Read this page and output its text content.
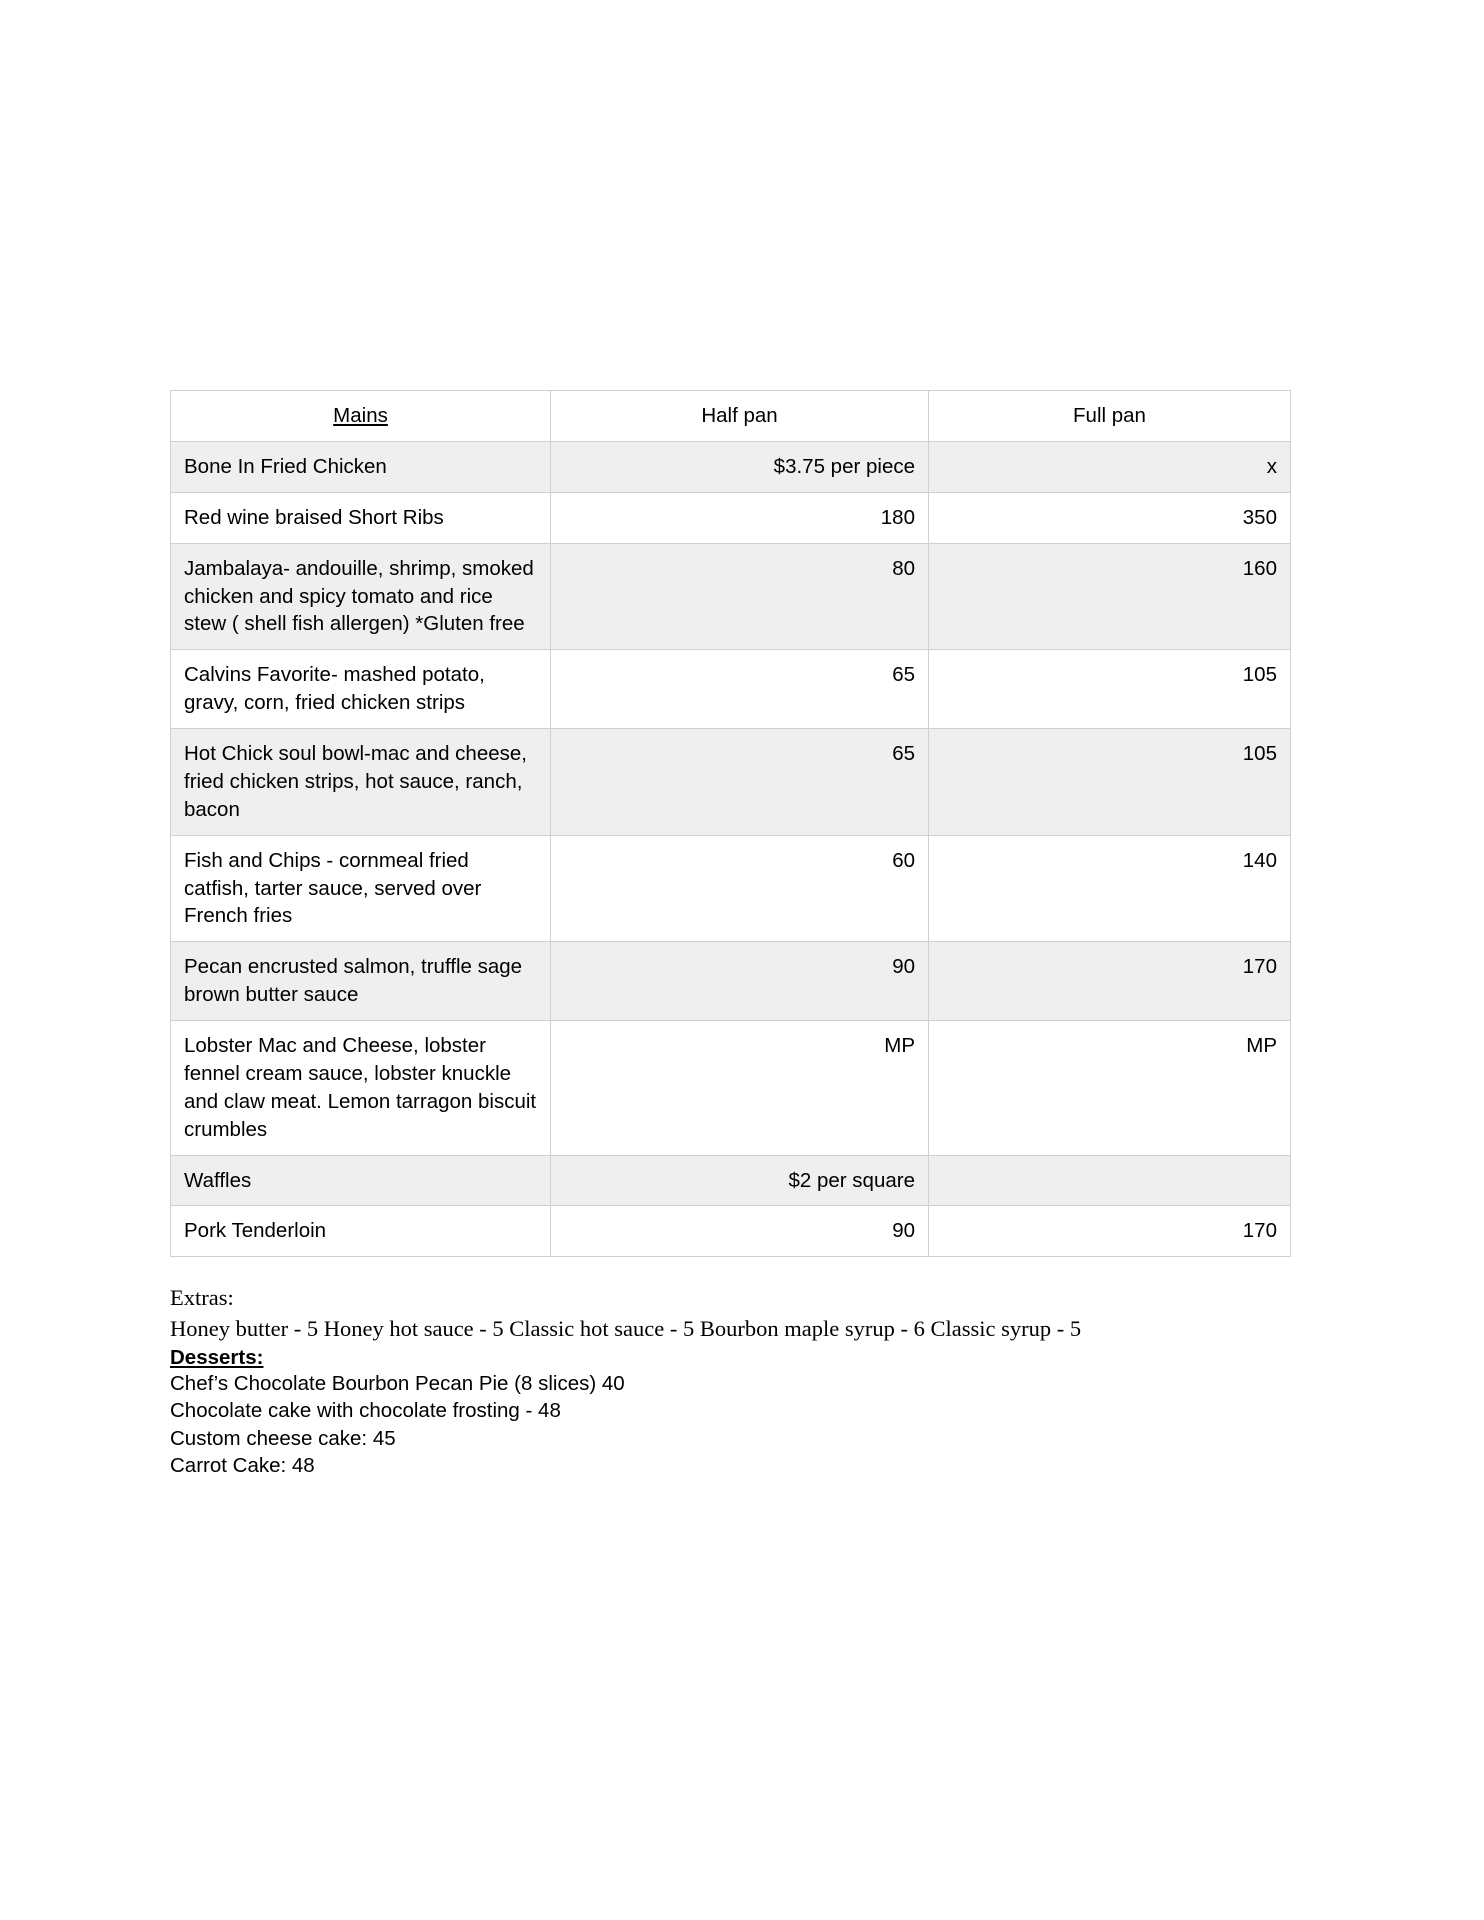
Mains	Half pan	Full pan
Bone In Fried Chicken	$3.75 per piece	x
Red wine braised Short Ribs	180	350
Jambalaya- andouille, shrimp, smoked chicken and spicy tomato and rice stew ( shell fish allergen) *Gluten free	80	160
Calvins Favorite- mashed potato, gravy, corn, fried chicken strips	65	105
Hot Chick soul bowl-mac and cheese, fried chicken strips, hot sauce, ranch, bacon	65	105
Fish and Chips - cornmeal fried catfish, tarter sauce, served over French fries	60	140
Pecan encrusted salmon, truffle sage brown butter sauce	90	170
Lobster Mac and Cheese, lobster fennel cream sauce, lobster knuckle and claw meat. Lemon tarragon biscuit crumbles	MP	MP
Waffles	$2 per square	
Pork Tenderloin	90	170
Extras:
Honey butter - 5 Honey hot sauce - 5 Classic hot sauce - 5 Bourbon maple syrup - 6 Classic syrup - 5
Desserts:
Chef’s Chocolate Bourbon Pecan Pie (8 slices) 40
Chocolate cake with chocolate frosting - 48
Custom cheese cake: 45
Carrot Cake: 48
